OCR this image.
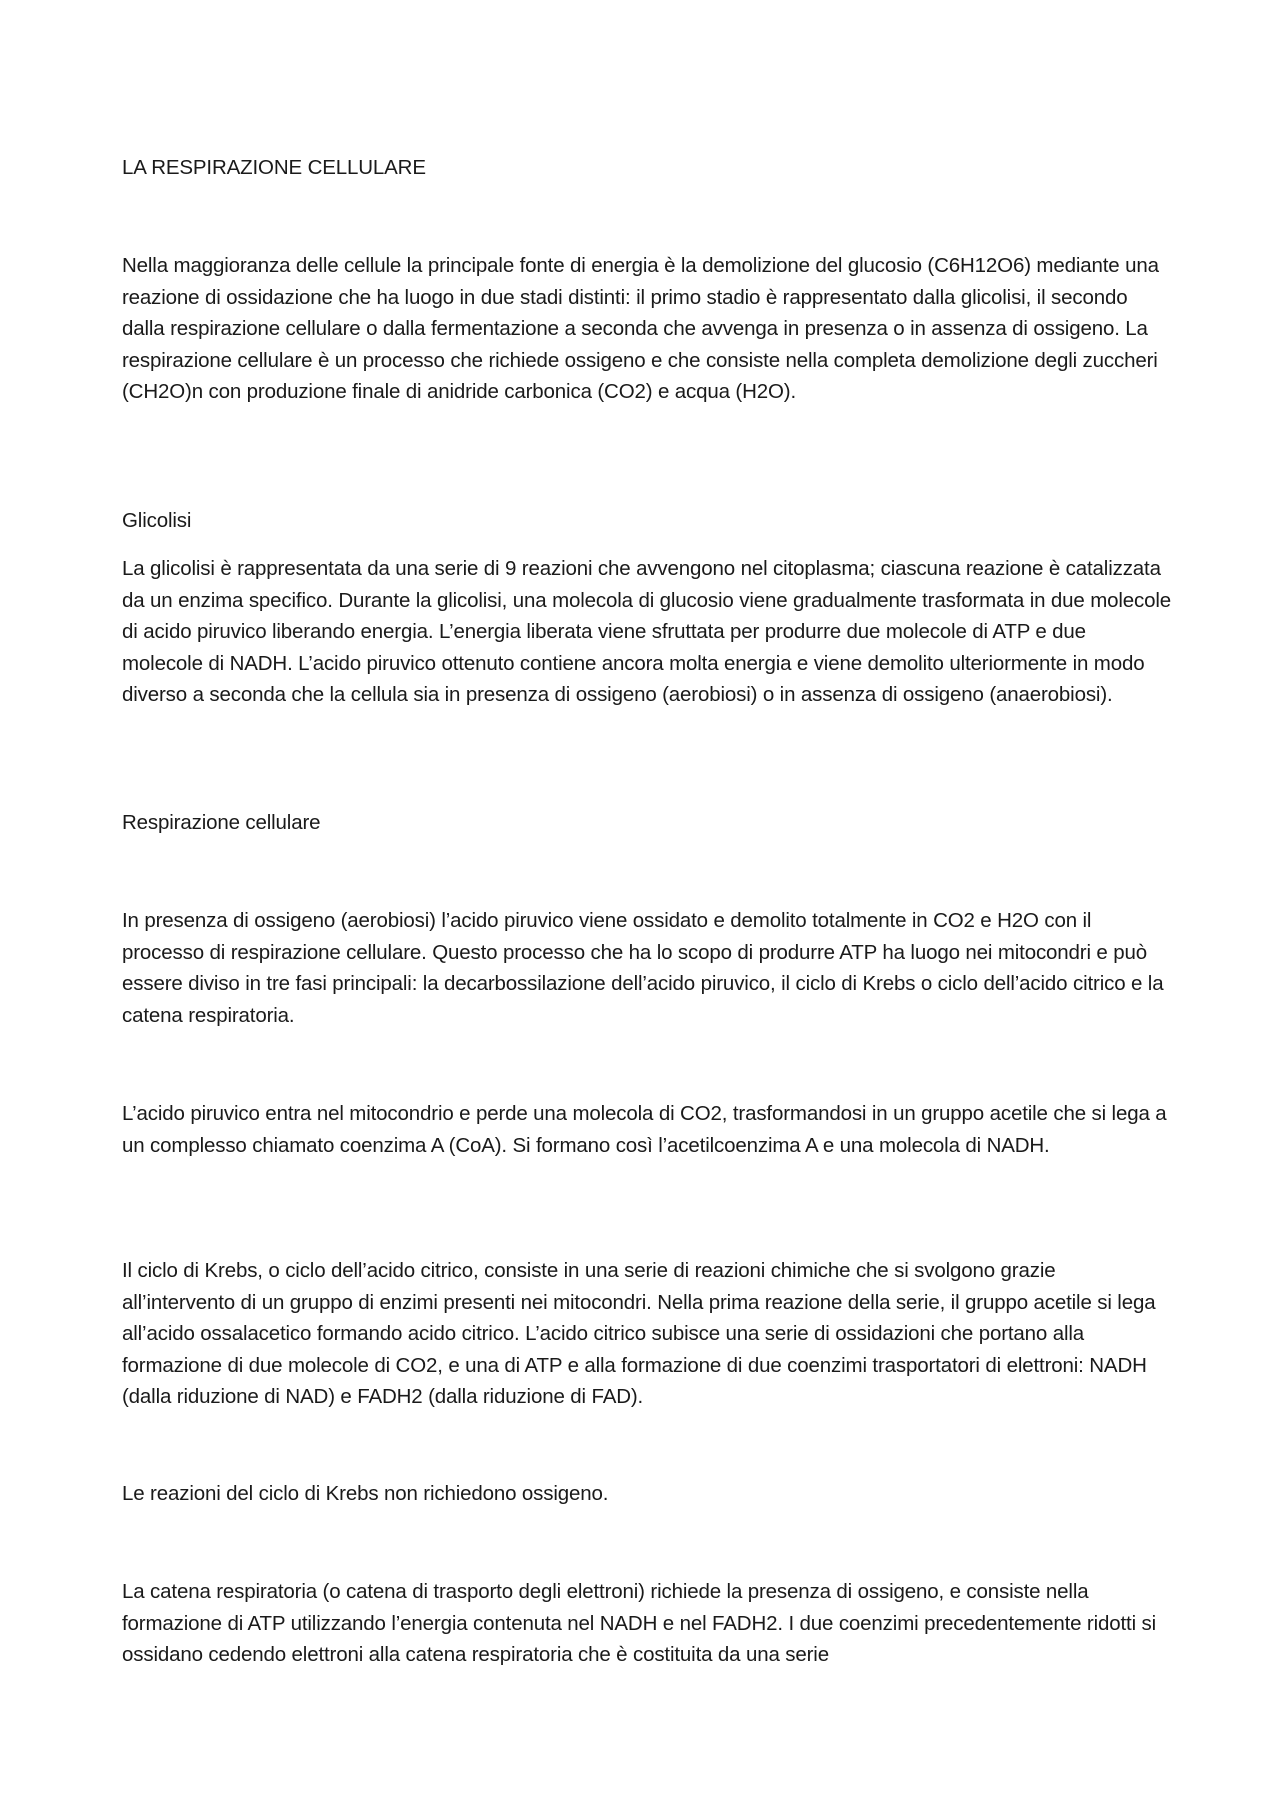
LA RESPIRAZIONE CELLULARE

Nella maggioranza delle cellule la principale fonte di energia è la demolizione del glucosio (C6H12O6) mediante una reazione di ossidazione che ha luogo in due stadi distinti: il primo stadio è rappresentato dalla glicolisi, il secondo dalla respirazione cellulare o dalla fermentazione a seconda che avvenga in presenza o in assenza di ossigeno. La respirazione cellulare è un processo che richiede ossigeno e che consiste nella completa demolizione degli zuccheri (CH2O)n con produzione finale di anidride carbonica (CO2) e acqua (H2O).

Glicolisi

La glicolisi è rappresentata da una serie di 9 reazioni che avvengono nel citoplasma; ciascuna reazione è catalizzata da un enzima specifico. Durante la glicolisi, una molecola di glucosio viene gradualmente trasformata in due molecole di acido piruvico liberando energia. L’energia liberata viene sfruttata per produrre due molecole di ATP e due molecole di NADH. L’acido piruvico ottenuto contiene ancora molta energia e viene demolito ulteriormente in modo diverso a seconda che la cellula sia in presenza di ossigeno (aerobiosi) o in assenza di ossigeno (anaerobiosi).

Respirazione cellulare

In presenza di ossigeno (aerobiosi) l’acido piruvico viene ossidato e demolito totalmente in CO2 e H2O con il processo di respirazione cellulare. Questo processo che ha lo scopo di produrre ATP ha luogo nei mitocondri e può essere diviso in tre fasi principali: la decarbossilazione dell’acido piruvico, il ciclo di Krebs o ciclo dell’acido citrico e la catena respiratoria.

L’acido piruvico entra nel mitocondrio e perde una molecola di CO2, trasformandosi in un gruppo acetile che si lega a un complesso chiamato coenzima A (CoA). Si formano così l’acetilcoenzima A e una molecola di NADH.

Il ciclo di Krebs, o ciclo dell’acido citrico, consiste in una serie di reazioni chimiche che si svolgono grazie all’intervento di un gruppo di enzimi presenti nei mitocondri. Nella prima reazione della serie, il gruppo acetile si lega all’acido ossalacetico formando acido citrico. L’acido citrico subisce una serie di ossidazioni che portano alla formazione di due molecole di CO2, e una di ATP e alla formazione di due coenzimi trasportatori di elettroni: NADH (dalla riduzione di NAD) e FADH2 (dalla riduzione di FAD).

Le reazioni del ciclo di Krebs non richiedono ossigeno.

La catena respiratoria (o catena di trasporto degli elettroni) richiede la presenza di ossigeno, e consiste nella formazione di ATP utilizzando l’energia contenuta nel NADH e nel FADH2. I due coenzimi precedentemente ridotti si ossidano cedendo elettroni alla catena respiratoria che è costituita da una serie
